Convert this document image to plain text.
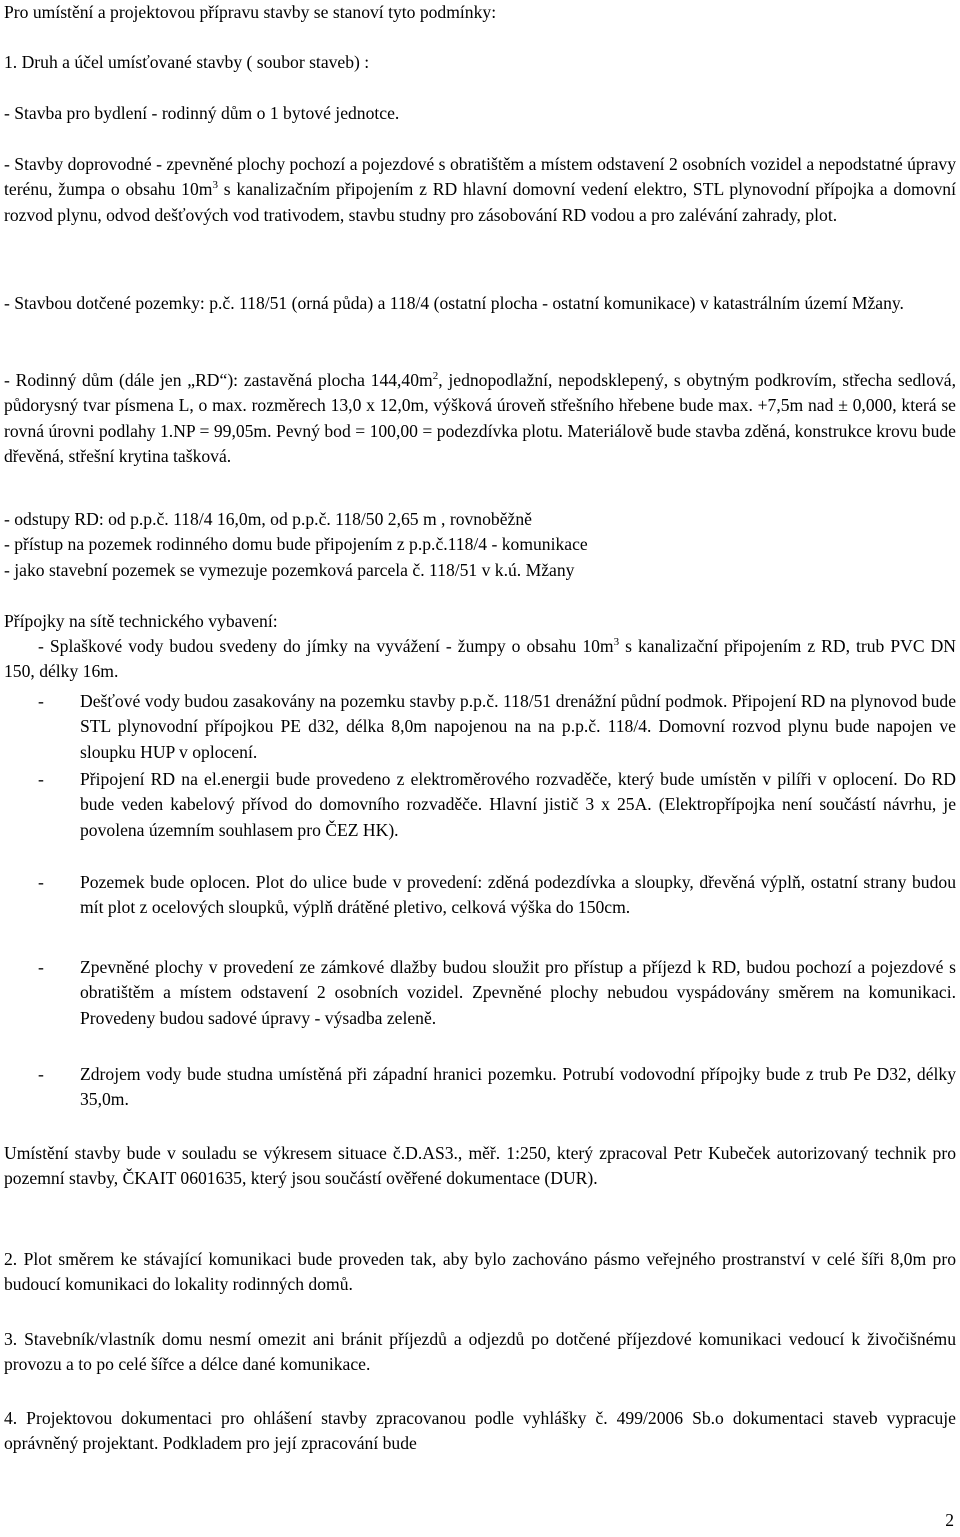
Pro umístění a projektovou přípravu stavby se stanoví tyto podmínky:
1. Druh a účel umísťované stavby ( soubor staveb) :
- Stavba pro bydlení - rodinný dům o 1 bytové jednotce.
- Stavby doprovodné - zpevněné plochy pochozí a pojezdové s obratištěm a místem odstavení 2 osobních vozidel a nepodstatné úpravy terénu, žumpa o obsahu $10m^3$ s kanalizačním připojením z RD hlavní domovní vedení elektro, STL plynovodní přípojka a domovní rozvod plynu, odvod dešťových vod trativodem, stavbu studny pro zásobování RD vodou a pro zalévání zahrady, plot.
- Stavbou dotčené pozemky: p.č. 118/51 (orná půda) a 118/4 (ostatní plocha - ostatní komunikace) v katastrálním území Mžany.
- Rodinný dům (dále jen „RD“): zastavěná plocha $144,40m^2$, jednopodlažní, nepodsklepený, s obytným podkrovím, střecha sedlová, půdorysný tvar písmena L, o max. rozměrech 13,0 x 12,0m, výšková úroveň střešního hřebene bude max. +7,5m nad ± 0,000, která se rovná úrovni podlahy 1.NP = 99,05m. Pevný bod = 100,00 = podezdívka plotu. Materiálově bude stavba zděná, konstrukce krovu bude dřevěná, střešní krytina tašková.
- odstupy RD: od p.p.č. 118/4 16,0m, od p.p.č. 118/50 2,65 m , rovnoběžně
- přístup na pozemek rodinného domu bude připojením z p.p.č.118/4 - komunikace
- jako stavební pozemek se vymezuje pozemková parcela č. 118/51 v k.ú. Mžany
Přípojky na sítě technického vybavení:
- Splaškové vody budou svedeny do jímky na vyvážení - žumpy o obsahu $10m^3$ s kanalizační připojením z RD, trub PVC DN 150, délky 16m.
- Dešťové vody budou zasakovány na pozemku stavby p.p.č. 118/51 drenážní půdní podmok. Připojení RD na plynovod bude STL plynovodní přípojkou PE d32, délka 8,0m napojenou na na p.p.č. 118/4. Domovní rozvod plynu bude napojen ve sloupku HUP v oplocení.
- Připojení RD na el.energii bude provedeno z elektroměrového rozvaděče, který bude umístěn v pilíři v oplocení. Do RD bude veden kabelový přívod do domovního rozvaděče. Hlavní jistič 3 x 25A. (Elektropřípojka není součástí návrhu, je povolena územním souhlasem pro ČEZ HK).
- Pozemek bude oplocen. Plot do ulice bude v provedení: zděná podezdívka a sloupky, dřevěná výplň, ostatní strany budou mít plot z ocelových sloupků, výplň drátěné pletivo, celková výška do 150cm.
- Zpevněné plochy v provedení ze zámkové dlažby budou sloužit pro přístup a příjezd k RD, budou pochozí a pojezdové s obratištěm a místem odstavení 2 osobních vozidel. Zpevněné plochy nebudou vyspádovány směrem na komunikaci. Provedeny budou sadové úpravy - výsadba zeleně.
- Zdrojem vody bude studna umístěná při západní hranici pozemku. Potrubí vodovodní přípojky bude z trub Pe D32, délky 35,0m.
Umístění stavby bude v souladu se výkresem situace č.D.AS3., měř. 1:250, který zpracoval Petr Kubeček autorizovaný technik pro pozemní stavby, ČKAIT 0601635, který jsou součástí ověřené dokumentace (DUR).
2. Plot směrem ke stávající komunikaci bude proveden tak, aby bylo zachováno pásmo veřejného prostranství v celé šíři 8,0m pro budoucí komunikaci do lokality rodinných domů.
3. Stavebník/vlastník domu nesmí omezit ani bránit příjezdů a odjezdů po dotčené příjezdové komunikaci vedoucí k živočišnému provozu a to po celé šířce a délce dané komunikace.
4. Projektovou dokumentaci pro ohlášení stavby zpracovanou podle vyhlášky č. 499/2006 Sb.o dokumentaci staveb vypracuje oprávněný projektant. Podkladem pro její zpracování bude
2
